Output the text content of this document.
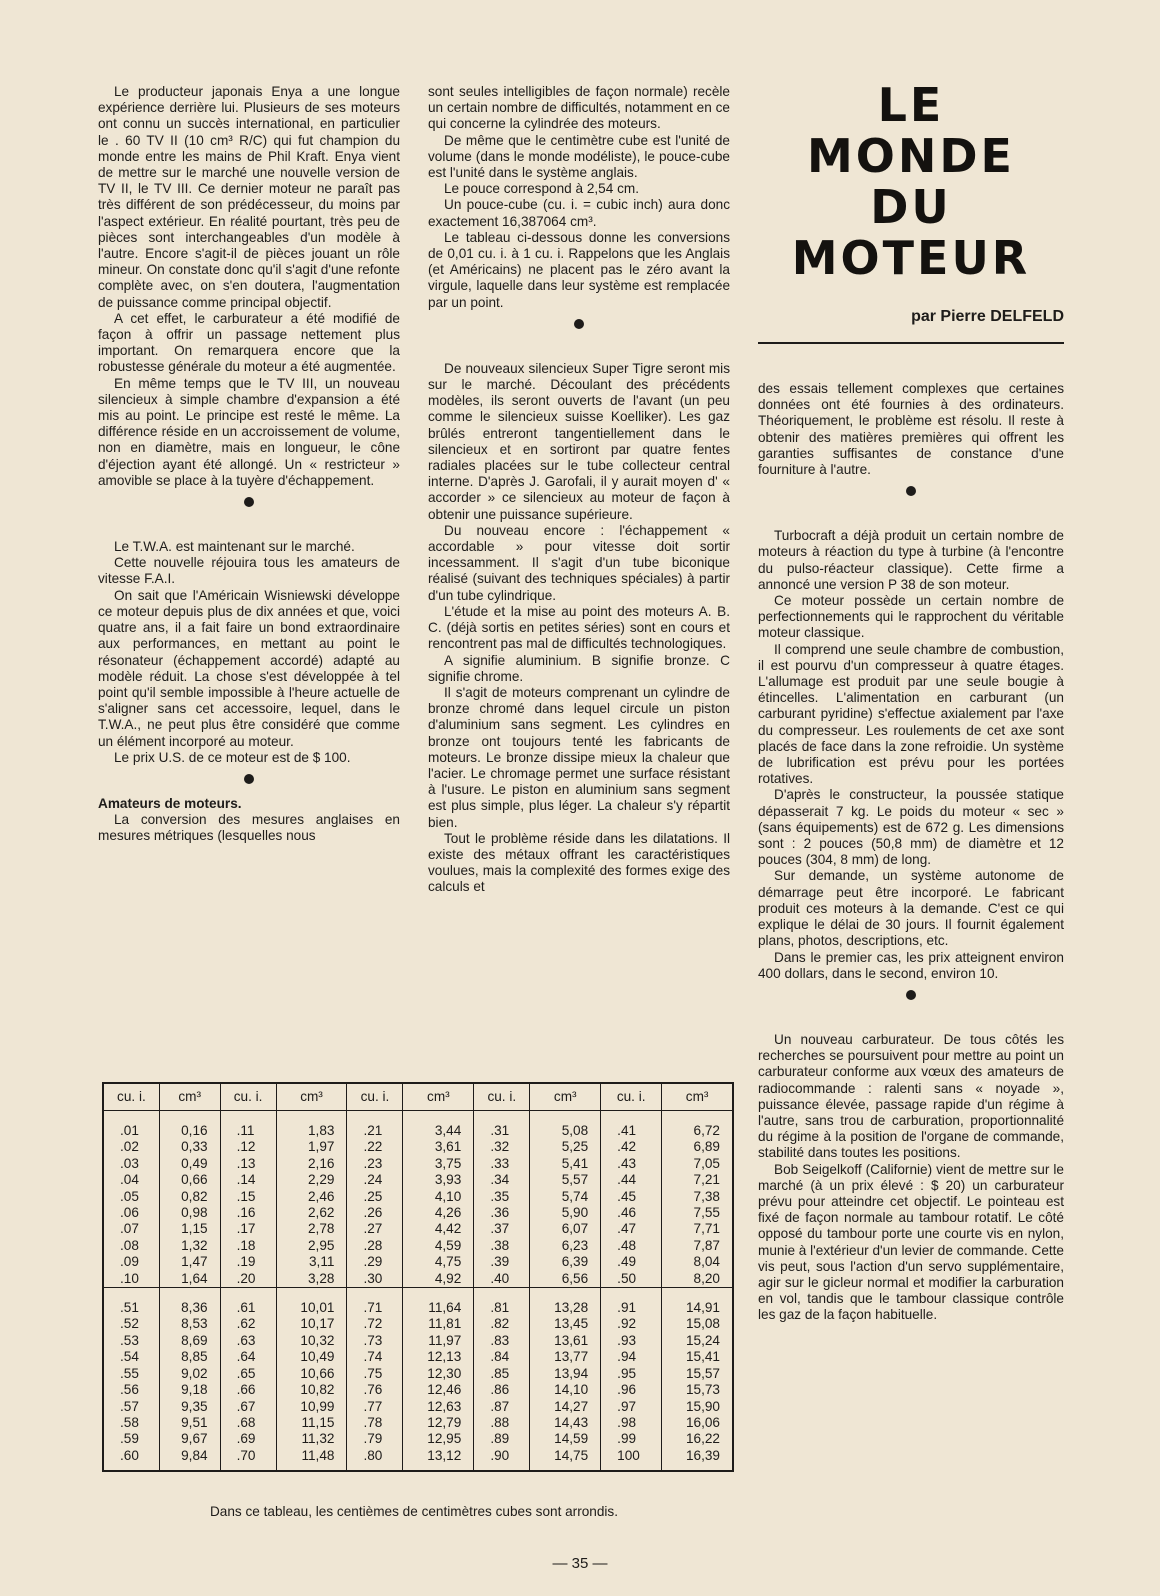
LE
MONDE
DU
MOTEUR
par Pierre DELFELD

Le producteur japonais Enya a une longue expérience derrière lui. Plusieurs de ses moteurs ont connu un succès international, en particulier le . 60 TV II (10 cm³ R/C) qui fut champion du monde entre les mains de Phil Kraft. Enya vient de mettre sur le marché une nouvelle version de TV II, le TV III. Ce dernier moteur ne paraît pas très différent de son prédécesseur, du moins par l'aspect extérieur. En réalité pourtant, très peu de pièces sont interchangeables d'un modèle à l'autre. Encore s'agit-il de pièces jouant un rôle mineur. On constate donc qu'il s'agit d'une refonte complète avec, on s'en doutera, l'augmentation de puissance comme principal objectif.

A cet effet, le carburateur a été modifié de façon à offrir un passage nettement plus important. On remarquera encore que la robustesse générale du moteur a été augmentée.

En même temps que le TV III, un nouveau silencieux à simple chambre d'expansion a été mis au point. Le principe est resté le même. La différence réside en un accroissement de volume, non en diamètre, mais en longueur, le cône d'éjection ayant été allongé. Un « restricteur » amovible se place à la tuyère d'échappement.

Le T.W.A. est maintenant sur le marché.

Cette nouvelle réjouira tous les amateurs de vitesse F.A.I.

On sait que l'Américain Wisniewski développe ce moteur depuis plus de dix années et que, voici quatre ans, il a fait faire un bond extraordinaire aux performances, en mettant au point le résonateur (échappement accordé) adapté au modèle réduit. La chose s'est développée à tel point qu'il semble impossible à l'heure actuelle de s'aligner sans cet accessoire, lequel, dans le T.W.A., ne peut plus être considéré que comme un élément incorporé au moteur.

Le prix U.S. de ce moteur est de $ 100.

Amateurs de moteurs.

La conversion des mesures anglaises en mesures métriques (lesquelles nous

sont seules intelligibles de façon normale) recèle un certain nombre de difficultés, notamment en ce qui concerne la cylindrée des moteurs.

De même que le centimètre cube est l'unité de volume (dans le monde modéliste), le pouce-cube est l'unité dans le système anglais.

Le pouce correspond à 2,54 cm.

Un pouce-cube (cu. i. = cubic inch) aura donc exactement 16,387064 cm³.

Le tableau ci-dessous donne les conversions de 0,01 cu. i. à 1 cu. i. Rappelons que les Anglais (et Américains) ne placent pas le zéro avant la virgule, laquelle dans leur système est remplacée par un point.

De nouveaux silencieux Super Tigre seront mis sur le marché. Découlant des précédents modèles, ils seront ouverts de l'avant (un peu comme le silencieux suisse Koelliker). Les gaz brûlés entreront tangentiellement dans le silencieux et en sortiront par quatre fentes radiales placées sur le tube collecteur central interne. D'après J. Garofali, il y aurait moyen d' « accorder » ce silencieux au moteur de façon à obtenir une puissance supérieure.

Du nouveau encore : l'échappement « accordable » pour vitesse doit sortir incessamment. Il s'agit d'un tube biconique réalisé (suivant des techniques spéciales) à partir d'un tube cylindrique.

L'étude et la mise au point des moteurs A. B. C. (déjà sortis en petites séries) sont en cours et rencontrent pas mal de difficultés technologiques.

A signifie aluminium. B signifie bronze. C signifie chrome.

Il s'agit de moteurs comprenant un cylindre de bronze chromé dans lequel circule un piston d'aluminium sans segment. Les cylindres en bronze ont toujours tenté les fabricants de moteurs. Le bronze dissipe mieux la chaleur que l'acier. Le chromage permet une surface résistant à l'usure. Le piston en aluminium sans segment est plus simple, plus léger. La chaleur s'y répartit bien.

Tout le problème réside dans les dilatations. Il existe des métaux offrant les caractéristiques voulues, mais la complexité des formes exige des calculs et

des essais tellement complexes que certaines données ont été fournies à des ordinateurs. Théoriquement, le problème est résolu. Il reste à obtenir des matières premières qui offrent les garanties suffisantes de constance d'une fourniture à l'autre.

Turbocraft a déjà produit un certain nombre de moteurs à réaction du type à turbine (à l'encontre du pulso-réacteur classique). Cette firme a annoncé une version P 38 de son moteur.

Ce moteur possède un certain nombre de perfectionnements qui le rapprochent du véritable moteur classique.

Il comprend une seule chambre de combustion, il est pourvu d'un compresseur à quatre étages. L'allumage est produit par une seule bougie à étincelles. L'alimentation en carburant (un carburant pyridine) s'effectue axialement par l'axe du compresseur. Les roulements de cet axe sont placés de face dans la zone refroidie. Un système de lubrification est prévu pour les portées rotatives.

D'après le constructeur, la poussée statique dépasserait 7 kg. Le poids du moteur « sec » (sans équipements) est de 672 g. Les dimensions sont : 2 pouces (50,8 mm) de diamètre et 12 pouces (304, 8 mm) de long.

Sur demande, un système autonome de démarrage peut être incorporé. Le fabricant produit ces moteurs à la demande. C'est ce qui explique le délai de 30 jours. Il fournit également plans, photos, descriptions, etc.

Dans le premier cas, les prix atteignent environ 400 dollars, dans le second, environ 10.

Un nouveau carburateur. De tous côtés les recherches se poursuivent pour mettre au point un carburateur conforme aux vœux des amateurs de radiocommande : ralenti sans « noyade », puissance élevée, passage rapide d'un régime à l'autre, sans trou de carburation, proportionnalité du régime à la position de l'organe de commande, stabilité dans toutes les positions.

Bob Seigelkoff (Californie) vient de mettre sur le marché (à un prix élevé : $ 20) un carburateur prévu pour atteindre cet objectif. Le pointeau est fixé de façon normale au tambour rotatif. Le côté opposé du tambour porte une courte vis en nylon, munie à l'extérieur d'un levier de commande. Cette vis peut, sous l'action d'un servo supplémentaire, agir sur le gicleur normal et modifier la carburation en vol, tandis que le tambour classique contrôle les gaz de la façon habituelle.

cu. i.	cm³	cu. i.	cm³	cu. i.	cm³	cu. i.	cm³	cu. i.	cm³

.01	0,16	.11	1,83	.21	3,44	.31	5,08	.41	6,72
.02	0,33	.12	1,97	.22	3,61	.32	5,25	.42	6,89
.03	0,49	.13	2,16	.23	3,75	.33	5,41	.43	7,05
.04	0,66	.14	2,29	.24	3,93	.34	5,57	.44	7,21
.05	0,82	.15	2,46	.25	4,10	.35	5,74	.45	7,38
.06	0,98	.16	2,62	.26	4,26	.36	5,90	.46	7,55
.07	1,15	.17	2,78	.27	4,42	.37	6,07	.47	7,71
.08	1,32	.18	2,95	.28	4,59	.38	6,23	.48	7,87
.09	1,47	.19	3,11	.29	4,75	.39	6,39	.49	8,04
.10	1,64	.20	3,28	.30	4,92	.40	6,56	.50	8,20

.51	8,36	.61	10,01	.71	11,64	.81	13,28	.91	14,91
.52	8,53	.62	10,17	.72	11,81	.82	13,45	.92	15,08
.53	8,69	.63	10,32	.73	11,97	.83	13,61	.93	15,24
.54	8,85	.64	10,49	.74	12,13	.84	13,77	.94	15,41
.55	9,02	.65	10,66	.75	12,30	.85	13,94	.95	15,57
.56	9,18	.66	10,82	.76	12,46	.86	14,10	.96	15,73
.57	9,35	.67	10,99	.77	12,63	.87	14,27	.97	15,90
.58	9,51	.68	11,15	.78	12,79	.88	14,43	.98	16,06
.59	9,67	.69	11,32	.79	12,95	.89	14,59	.99	16,22
.60	9,84	.70	11,48	.80	13,12	.90	14,75	100	16,39
Dans ce tableau, les centièmes de centimètres cubes sont arrondis.
— 35 —
